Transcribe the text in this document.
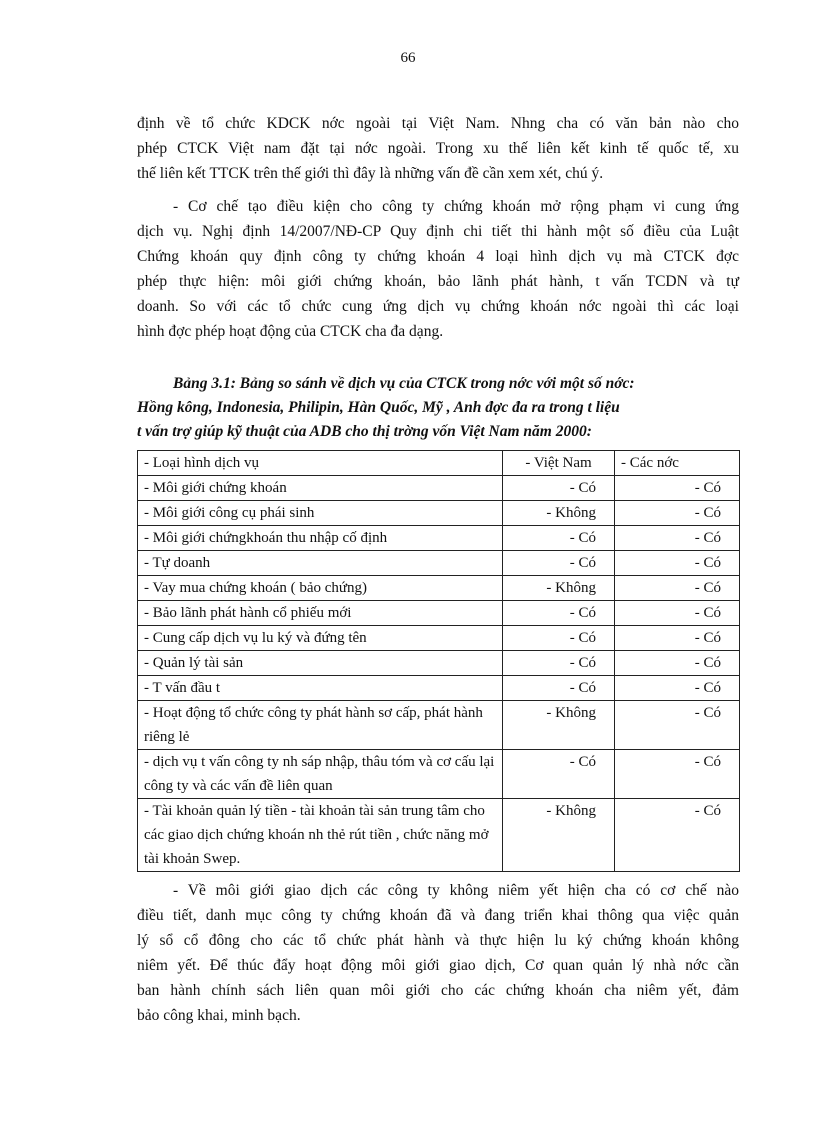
66

định về tổ chức KDCK nớc ngoài tại Việt Nam. Nhng cha có văn bản nào cho
phép CTCK Việt nam đặt tại nớc ngoài. Trong xu thế liên kết kinh tế quốc tế, xu
thế liên kết TTCK trên thế giới thì đây là những vấn đề cần xem xét, chú ý.

- Cơ chế tạo điều kiện cho công ty chứng khoán mở rộng phạm vi cung ứng
dịch vụ. Nghị định 14/2007/NĐ-CP Quy định chi tiết thi hành một số điều của Luật
Chứng khoán quy định công ty chứng khoán 4 loại hình dịch vụ mà CTCK đợc
phép thực hiện: môi giới chứng khoán, bảo lãnh phát hành, t vấn TCDN và tự
doanh. So với các tổ chức cung ứng dịch vụ chứng khoán nớc ngoài thì các loại
hình đợc phép hoạt động của CTCK cha đa dạng.

Bảng 3.1: Bảng so sánh về dịch vụ của CTCK trong nớc với một số nớc:
Hồng kông, Indonesia, Philipin, Hàn Quốc, Mỹ , Anh đợc đa ra trong t liệu
t vấn trợ giúp kỹ thuật của ADB cho thị trờng vốn Việt Nam năm 2000:
- Loại hình dịch vụ	- Việt Nam	- Các nớc
- Môi giới chứng khoán	- Có	- Có
- Môi giới công cụ phái sinh	- Không	- Có
- Môi giới chứngkhoán thu nhập cố định	- Có	- Có
- Tự doanh	- Có	- Có
- Vay mua chứng khoán ( bảo chứng)	- Không	- Có
- Bảo lãnh phát hành cổ phiếu mới	- Có	- Có
- Cung cấp dịch vụ lu ký và đứng tên	- Có	- Có
- Quản lý tài sản	- Có	- Có
- T vấn đầu t	- Có	- Có
- Hoạt động tổ chức công ty phát hành sơ cấp, phát hành riêng lẻ	- Không	- Có
- dịch vụ t vấn công ty nh sáp nhập, thâu tóm và cơ cấu lại công ty và các vấn đề liên quan	- Có	- Có
- Tài khoản quản lý tiền - tài khoản tài sản trung tâm cho các giao dịch chứng khoán nh thẻ rút tiền , chức năng mở tài khoản Swep.	- Không	- Có

- Về môi giới giao dịch các công ty không niêm yết hiện cha có cơ chế nào
điều tiết, danh mục công ty chứng khoán đã và đang triển khai thông qua việc quản
lý sổ cổ đông cho các tổ chức phát hành và thực hiện lu ký chứng khoán không
niêm yết. Để thúc đẩy hoạt động môi giới giao dịch, Cơ quan quản lý nhà nớc cần
ban hành chính sách liên quan môi giới cho các chứng khoán cha niêm yết, đảm
bảo công khai, minh bạch.
